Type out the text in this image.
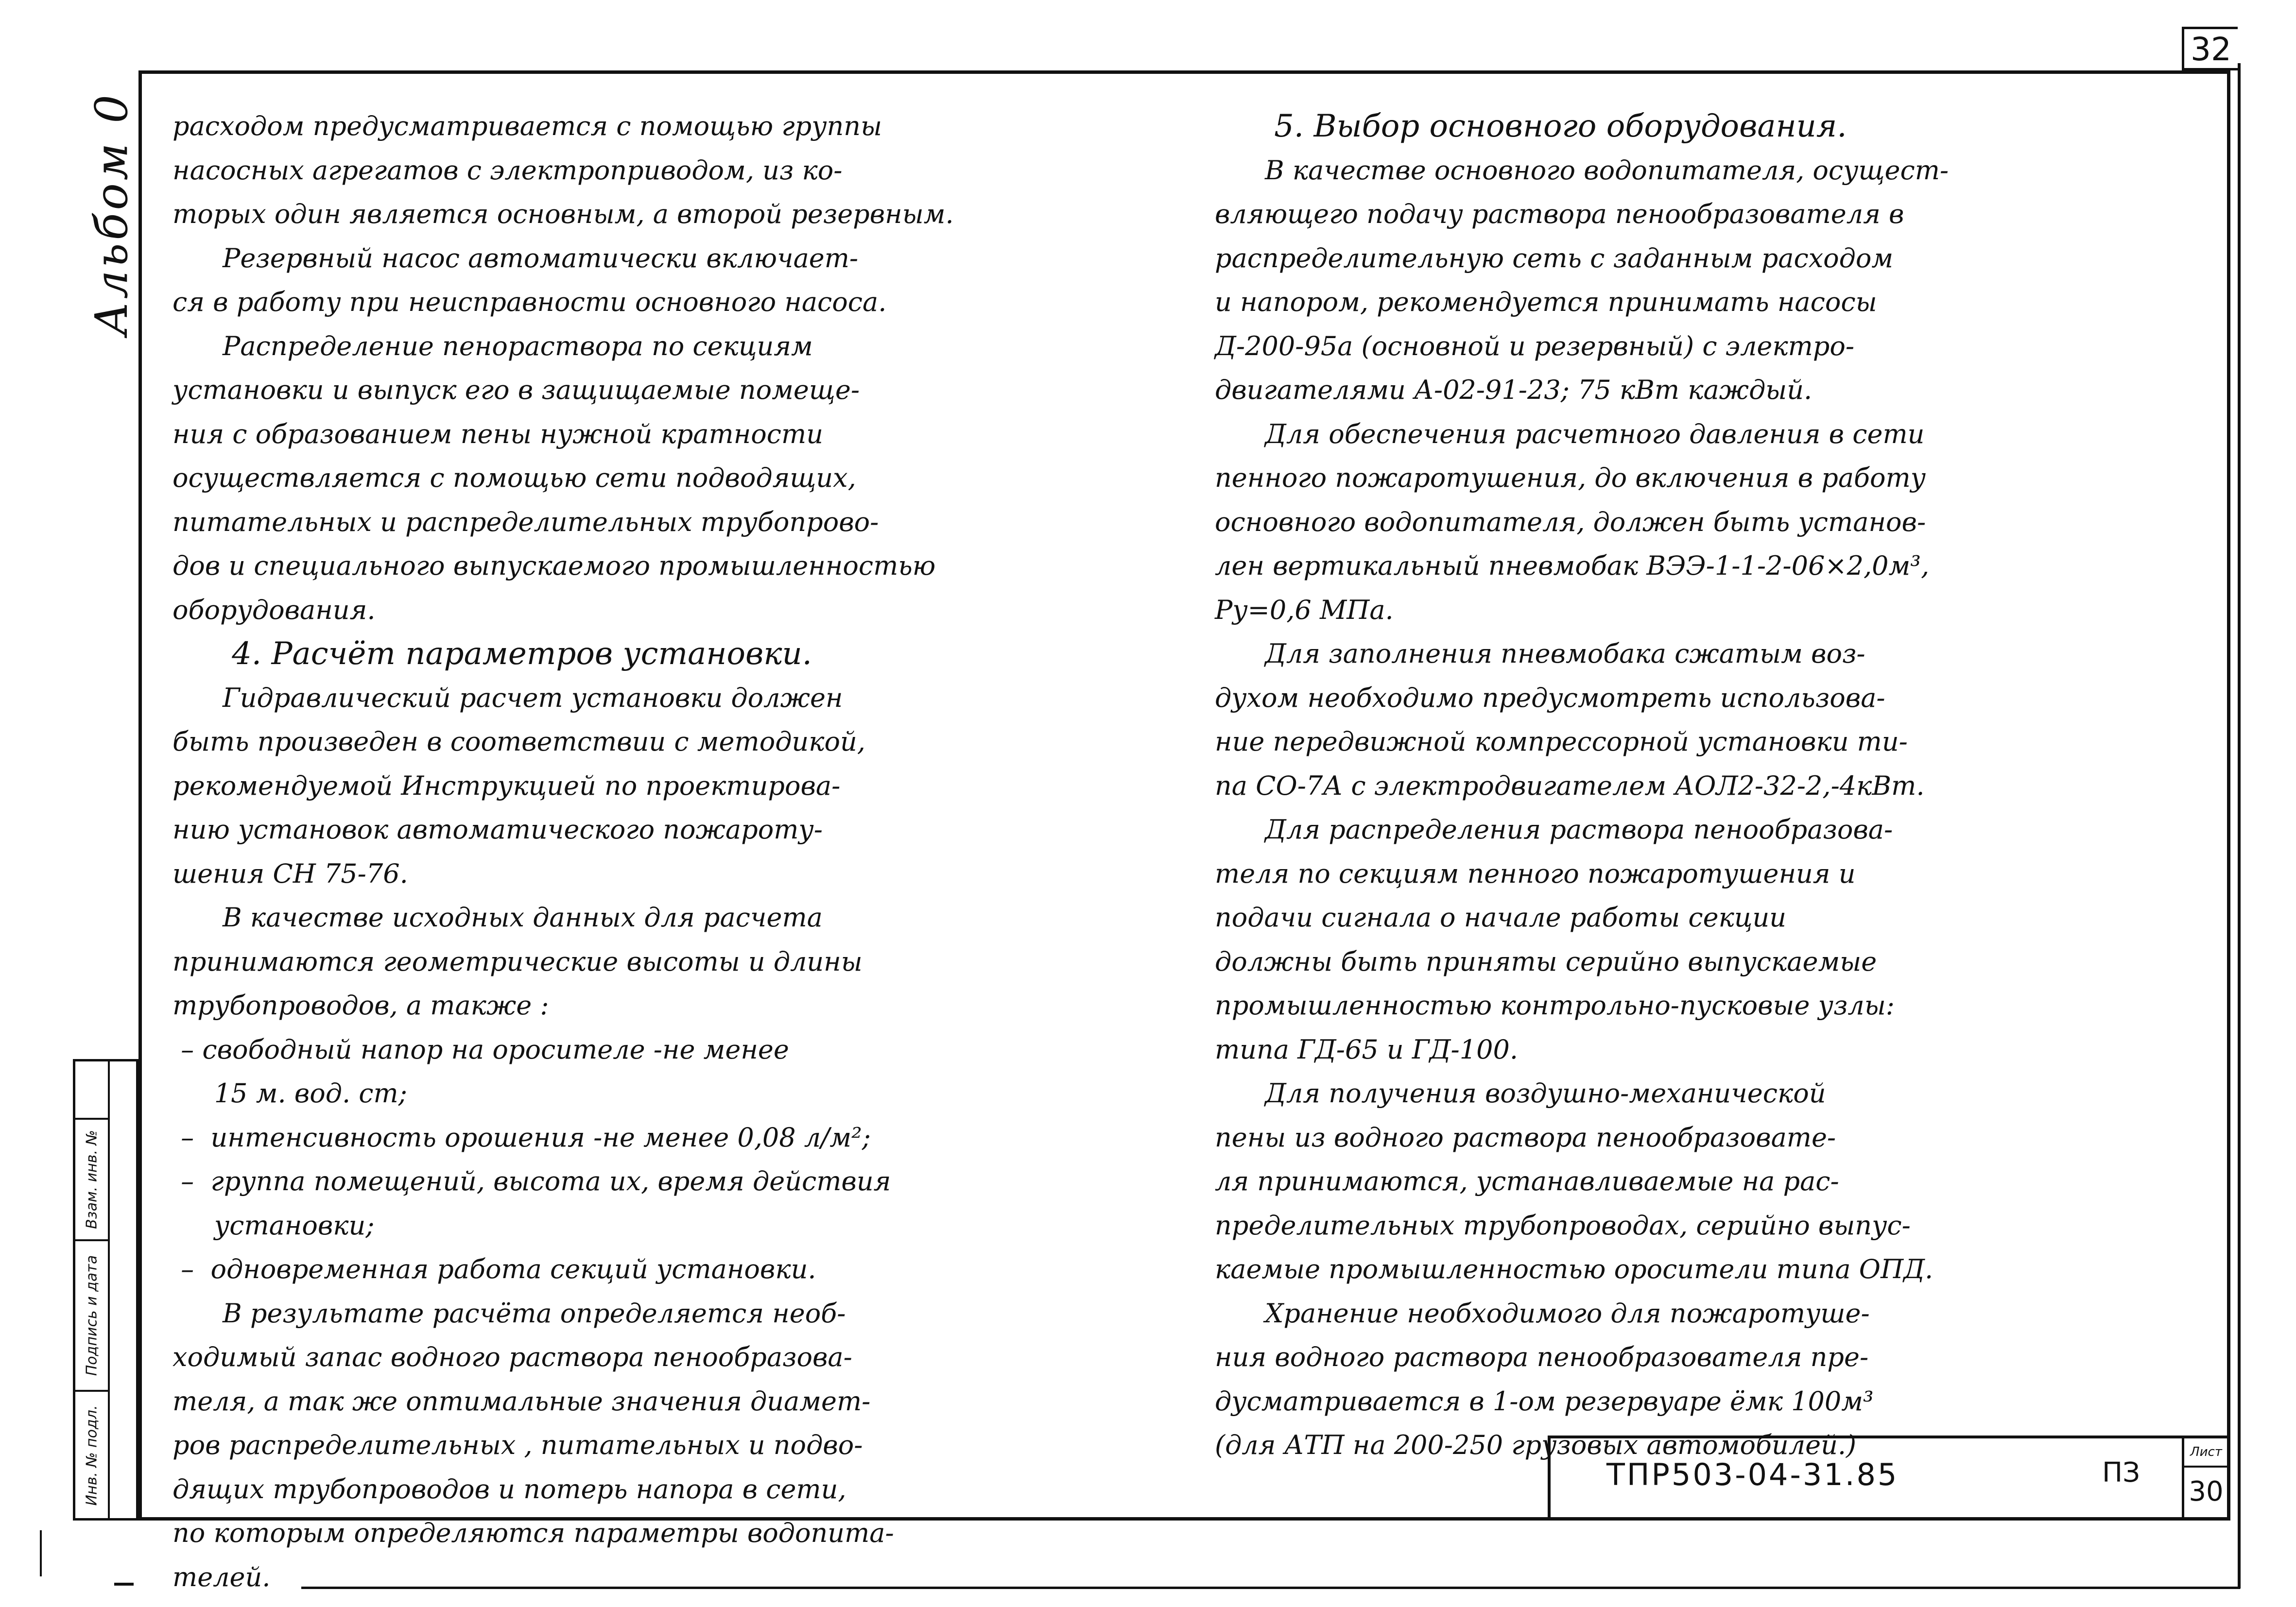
32
Альбом 0
Взам. инв. №
Подпись и дата
Инв. № подл.

расходом предусматривается с помощью группы

насосных агрегатов с электроприводом, из ко-

торых один является основным, а второй резервным.

Резервный насос автоматически включает-

ся в работу при неисправности основного насоса.

Распределение пенораствора по секциям

установки и выпуск его в защищаемые помеще-

ния с образованием пены нужной кратности

осуществляется с помощью сети подводящих,

питательных и распределительных трубопрово-

дов и специального выпускаемого промышленностью

оборудования.

4. Расчёт параметров установки.

Гидравлический расчет установки должен

быть произведен в соответствии с методикой,

рекомендуемой Инструкцией по проектирова-

нию установок автоматического пожароту-

шения СН 75-76.

В качестве исходных данных для расчета

принимаются геометрические высоты и длины

трубопроводов, а также :

– свободный напор на оросителе -не менее

15 м. вод. ст;

–  интенсивность орошения -не менее 0,08 л/м²;

–  группа помещений, высота их, время действия

установки;

–  одновременная работа секций установки.

В результате расчёта определяется необ-

ходимый запас водного раствора пенообразова-

теля, а так же оптимальные значения диамет-

ров распределительных , питательных и подво-

дящих трубопроводов и потерь напора в сети,

по которым определяются параметры водопита-

телей.

5. Выбор основного оборудования.

В качестве основного водопитателя, осущест-

вляющего подачу раствора пенообразователя в

распределительную сеть с заданным расходом

и напором, рекомендуется принимать насосы

Д-200-95а (основной и резервный) с электро-

двигателями А-02-91-23; 75 кВт каждый.

Для обеспечения расчетного давления в сети

пенного пожаротушения, до включения в работу

основного водопитателя, должен быть установ-

лен вертикальный пневмобак ВЭЭ-1-1-2-06×2,0м³,

Ру=0,6 МПа.

Для заполнения пневмобака сжатым воз-

духом необходимо предусмотреть использова-

ние передвижной компрессорной установки ти-

па СО-7А с электродвигателем АОЛ2-32-2,-4кВт.

Для распределения раствора пенообразова-

теля по секциям пенного пожаротушения и

подачи сигнала о начале работы секции

должны быть приняты серийно выпускаемые

промышленностью контрольно-пусковые узлы:

типа ГД-65 и ГД-100.

Для получения воздушно-механической

пены из водного раствора пенообразовате-

ля принимаются, устанавливаемые на рас-

пределительных трубопроводах, серийно выпус-

каемые промышленностью оросители типа ОПД.

Хранение необходимого для пожаротуше-

ния водного раствора пенообразователя пре-

дусматривается в 1-ом резервуаре ёмк 100м³

(для АТП на 200-250 грузовых автомобилей.)

ТПР503-04-31.85	ПЗ
Лист
30
